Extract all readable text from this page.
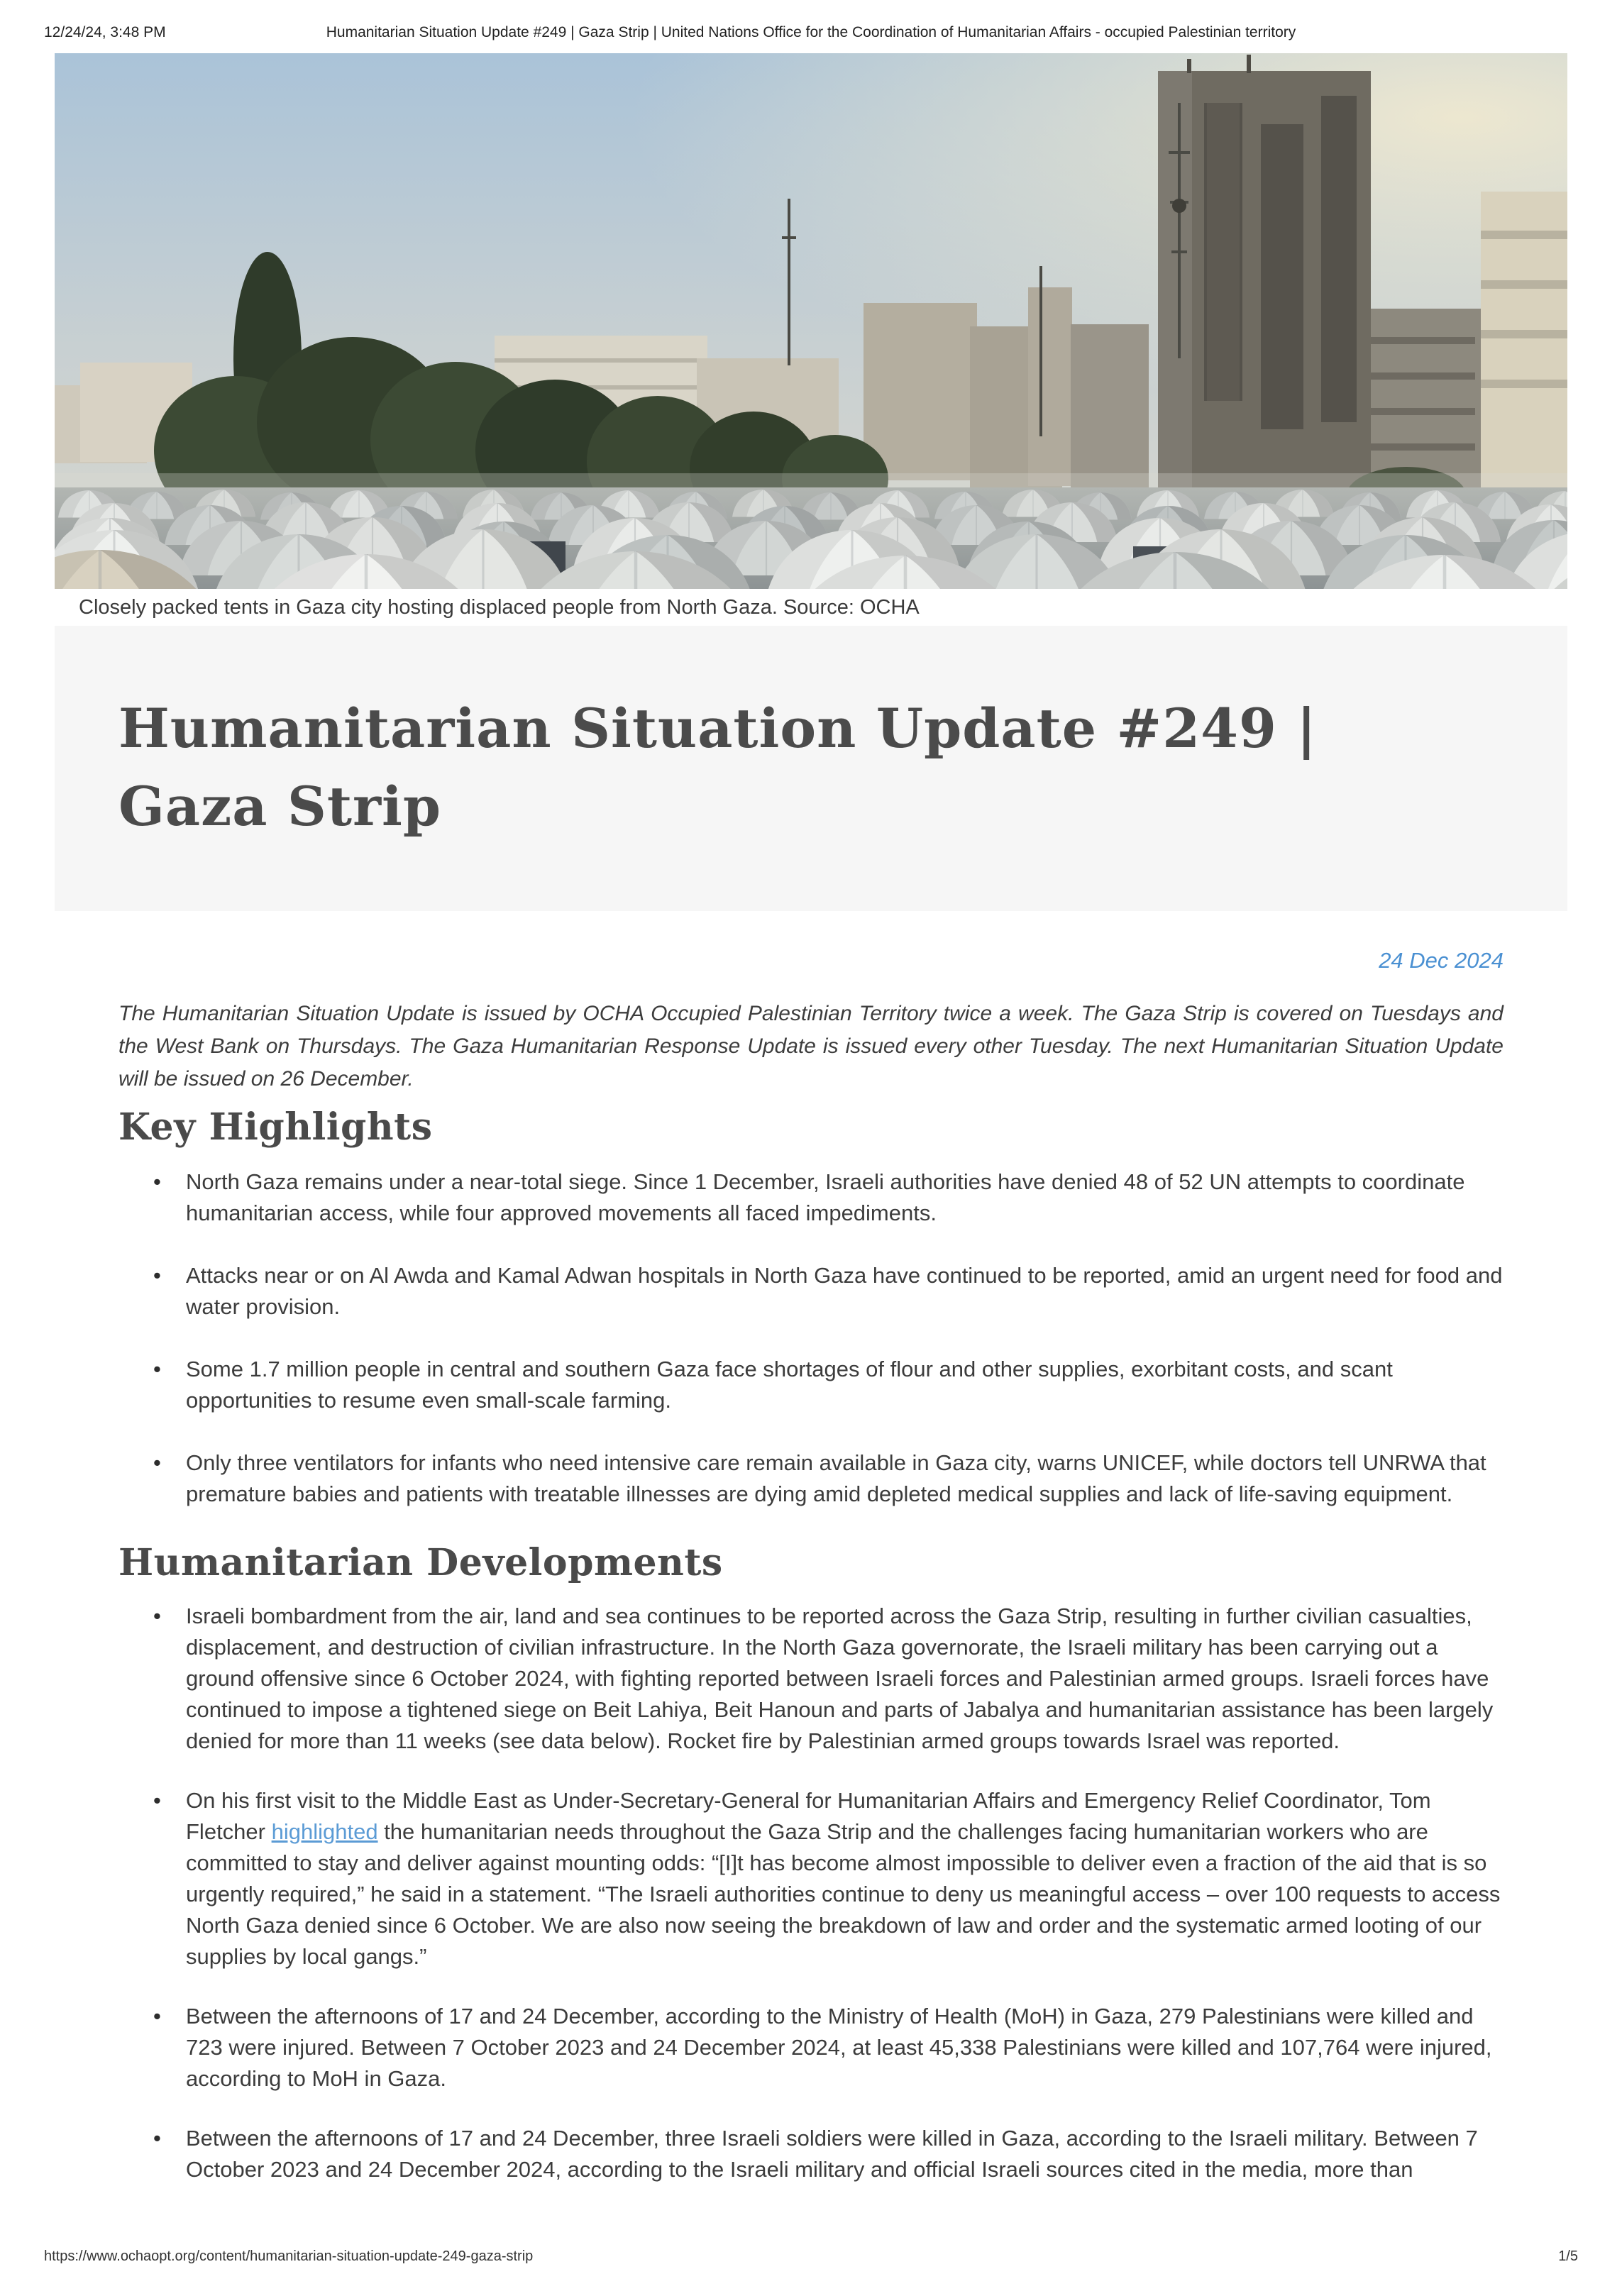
12/24/24, 3:48 PM	Humanitarian Situation Update #249 | Gaza Strip | United Nations Office for the Coordination of Humanitarian Affairs - occupied Palestinian territory
Closely packed tents in Gaza city hosting displaced people from North Gaza. Source: OCHA
Humanitarian Situation Update #249 |
Gaza Strip
24 Dec 2024

The Humanitarian Situation Update is issued by OCHA Occupied Palestinian Territory twice a week. The Gaza Strip is covered on Tuesdays and the West Bank on Thursdays. The Gaza Humanitarian Response Update is issued every other Tuesday. The next Humanitarian Situation Update will be issued on 26 December.

Key Highlights
• North Gaza remains under a near-total siege. Since 1 December, Israeli authorities have denied 48 of 52 UN attempts to coordinate humanitarian access, while four approved movements all faced impediments.
• Attacks near or on Al Awda and Kamal Adwan hospitals in North Gaza have continued to be reported, amid an urgent need for food and water provision.
• Some 1.7 million people in central and southern Gaza face shortages of flour and other supplies, exorbitant costs, and scant opportunities to resume even small-scale farming.
• Only three ventilators for infants who need intensive care remain available in Gaza city, warns UNICEF, while doctors tell UNRWA that premature babies and patients with treatable illnesses are dying amid depleted medical supplies and lack of life-saving equipment.
Humanitarian Developments
• Israeli bombardment from the air, land and sea continues to be reported across the Gaza Strip, resulting in further civilian casualties, displacement, and destruction of civilian infrastructure. In the North Gaza governorate, the Israeli military has been carrying out a ground offensive since 6 October 2024, with fighting reported between Israeli forces and Palestinian armed groups. Israeli forces have continued to impose a tightened siege on Beit Lahiya, Beit Hanoun and parts of Jabalya and humanitarian assistance has been largely denied for more than 11 weeks (see data below). Rocket fire by Palestinian armed groups towards Israel was reported.
• On his first visit to the Middle East as Under-Secretary-General for Humanitarian Affairs and Emergency Relief Coordinator, Tom Fletcher highlighted the humanitarian needs throughout the Gaza Strip and the challenges facing humanitarian workers who are committed to stay and deliver against mounting odds: “[I]t has become almost impossible to deliver even a fraction of the aid that is so urgently required,” he said in a statement. “The Israeli authorities continue to deny us meaningful access – over 100 requests to access North Gaza denied since 6 October. We are also now seeing the breakdown of law and order and the systematic armed looting of our supplies by local gangs.”
• Between the afternoons of 17 and 24 December, according to the Ministry of Health (MoH) in Gaza, 279 Palestinians were killed and 723 were injured. Between 7 October 2023 and 24 December 2024, at least 45,338 Palestinians were killed and 107,764 were injured, according to MoH in Gaza.
• Between the afternoons of 17 and 24 December, three Israeli soldiers were killed in Gaza, according to the Israeli military. Between 7 October 2023 and 24 December 2024, according to the Israeli military and official Israeli sources cited in the media, more than
https://www.ochaopt.org/content/humanitarian-situation-update-249-gaza-strip	1/5
